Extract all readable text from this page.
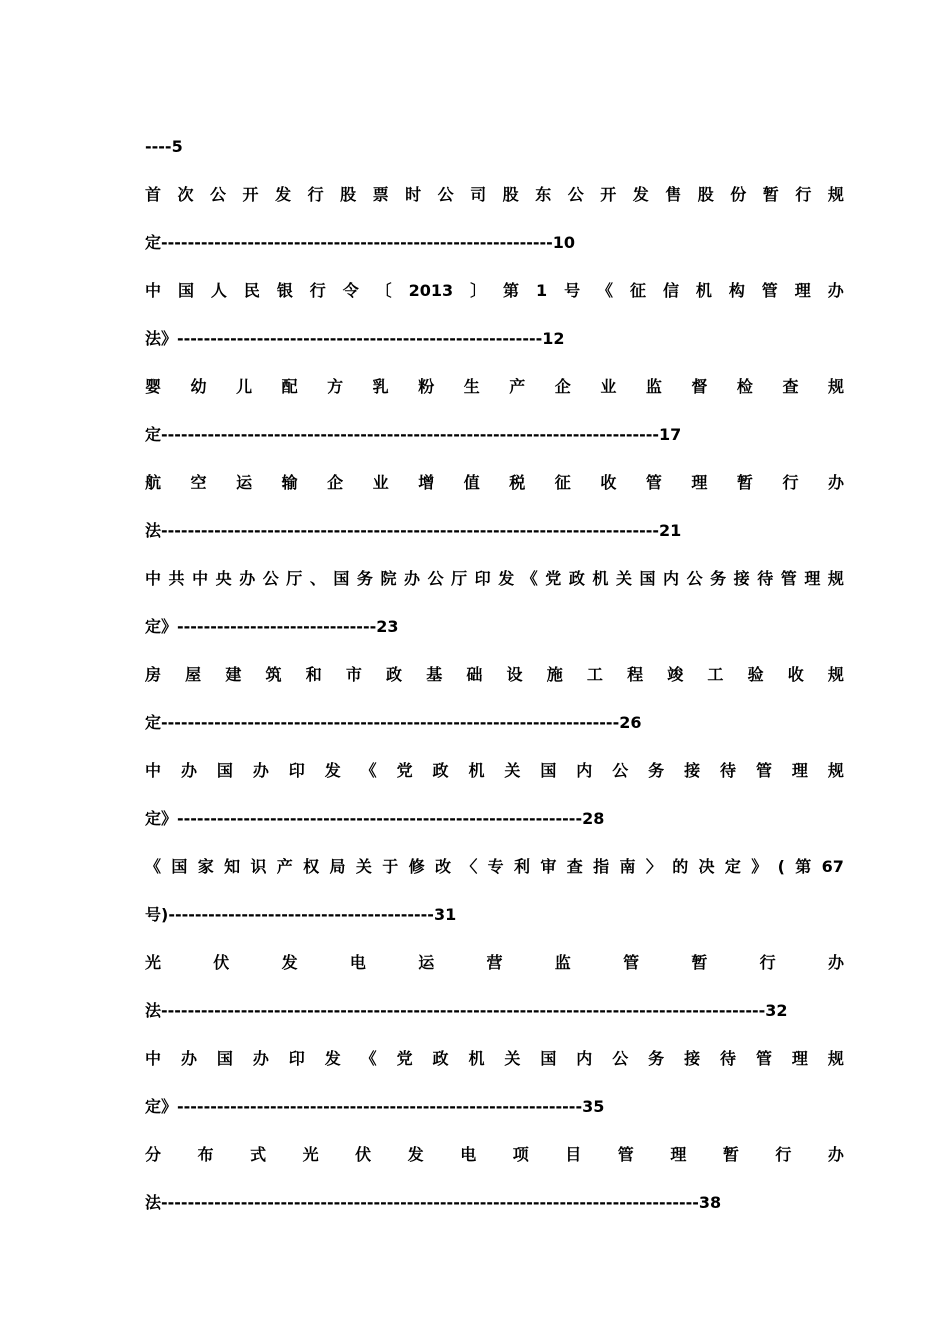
----5
首 次 公 开 发 行 股 票 时 公 司 股 东 公 开 发 售 股 份 暂 行 规
定-----------------------------------------------------------10
中 国 人 民 银 行 令 〔 2013 〕 第 1 号 《 征 信 机 构 管 理 办
法》-------------------------------------------------------12
婴 幼 儿 配 方 乳 粉 生 产 企 业 监 督 检 查 规
定---------------------------------------------------------------------------17
航 空 运 输 企 业 增 值 税 征 收 管 理 暂 行 办
法---------------------------------------------------------------------------21
中 共 中 央 办 公 厅 、 国 务 院 办 公 厅 印 发 《 党 政 机 关 国 内 公 务 接 待 管 理 规
定》------------------------------23
房 屋 建 筑 和 市 政 基 础 设 施 工 程 竣 工 验 收 规
定---------------------------------------------------------------------26
中 办 国 办 印 发 《 党 政 机 关 国 内 公 务 接 待 管 理 规
定》-------------------------------------------------------------28
《 国 家 知 识 产 权 局 关 于 修 改 〈 专 利 审 查 指 南 〉 的 决 定 》 ( 第 67
号)----------------------------------------31
光	伏	发	电	运	营	监	管	暂	行	办
法-------------------------------------------------------------------------------------------32
中 办 国 办 印 发 《 党 政 机 关 国 内 公 务 接 待 管 理 规
定》-------------------------------------------------------------35
分 布 式 光 伏 发 电 项 目 管 理 暂 行 办
法---------------------------------------------------------------------------------38
